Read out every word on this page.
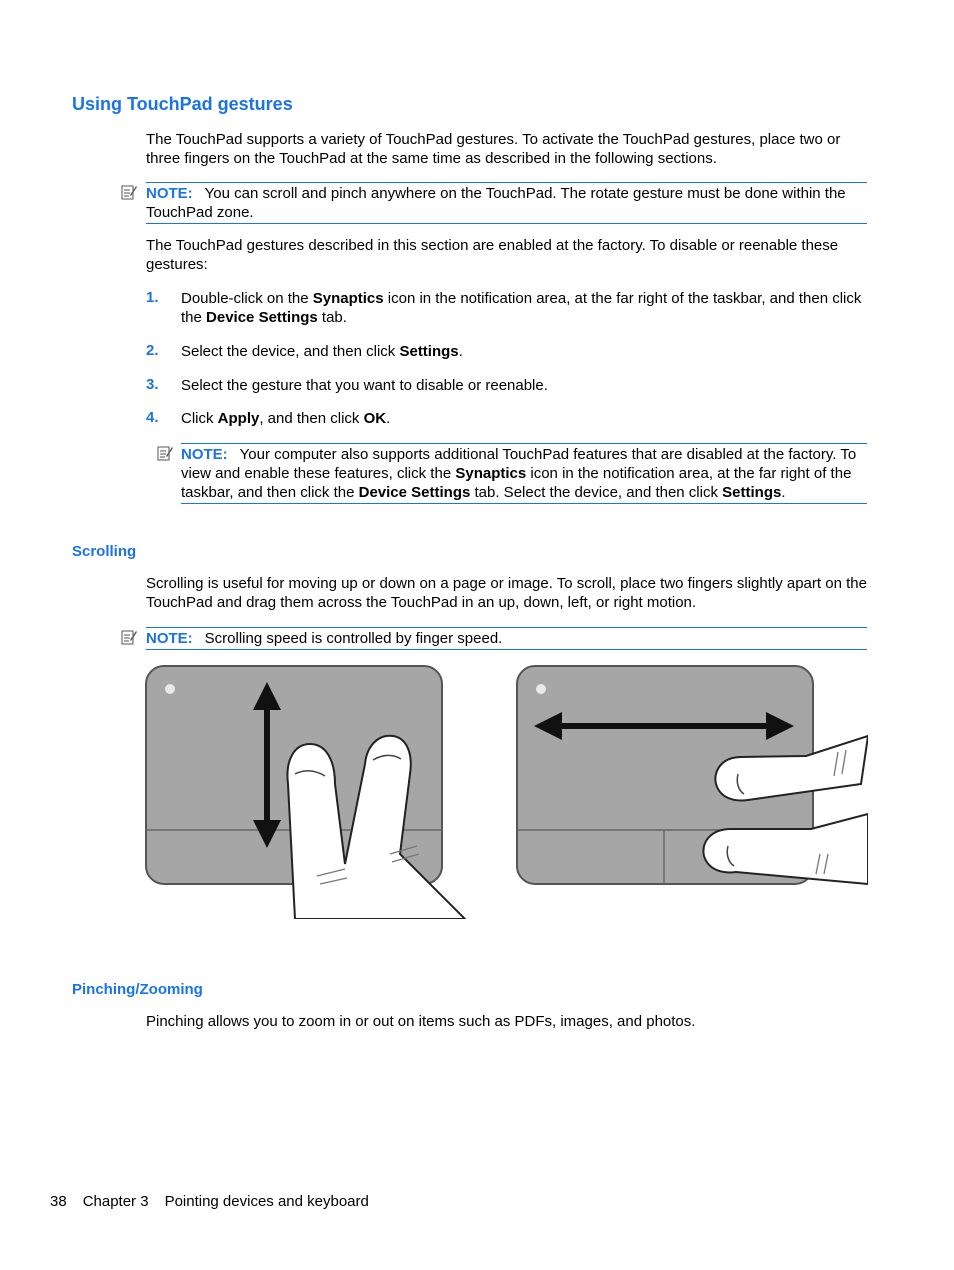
Using TouchPad gestures
The TouchPad supports a variety of TouchPad gestures. To activate the TouchPad gestures, place two or three fingers on the TouchPad at the same time as described in the following sections.
NOTE: You can scroll and pinch anywhere on the TouchPad. The rotate gesture must be done within the TouchPad zone.
The TouchPad gestures described in this section are enabled at the factory. To disable or reenable these gestures:
1. Double-click on the Synaptics icon in the notification area, at the far right of the taskbar, and then click the Device Settings tab.
2. Select the device, and then click Settings.
3. Select the gesture that you want to disable or reenable.
4. Click Apply, and then click OK.
NOTE: Your computer also supports additional TouchPad features that are disabled at the factory. To view and enable these features, click the Synaptics icon in the notification area, at the far right of the taskbar, and then click the Device Settings tab. Select the device, and then click Settings.
Scrolling
Scrolling is useful for moving up or down on a page or image. To scroll, place two fingers slightly apart on the TouchPad and drag them across the TouchPad in an up, down, left, or right motion.
NOTE: Scrolling speed is controlled by finger speed.
Pinching/Zooming
Pinching allows you to zoom in or out on items such as PDFs, images, and photos.
38 Chapter 3 Pointing devices and keyboard
